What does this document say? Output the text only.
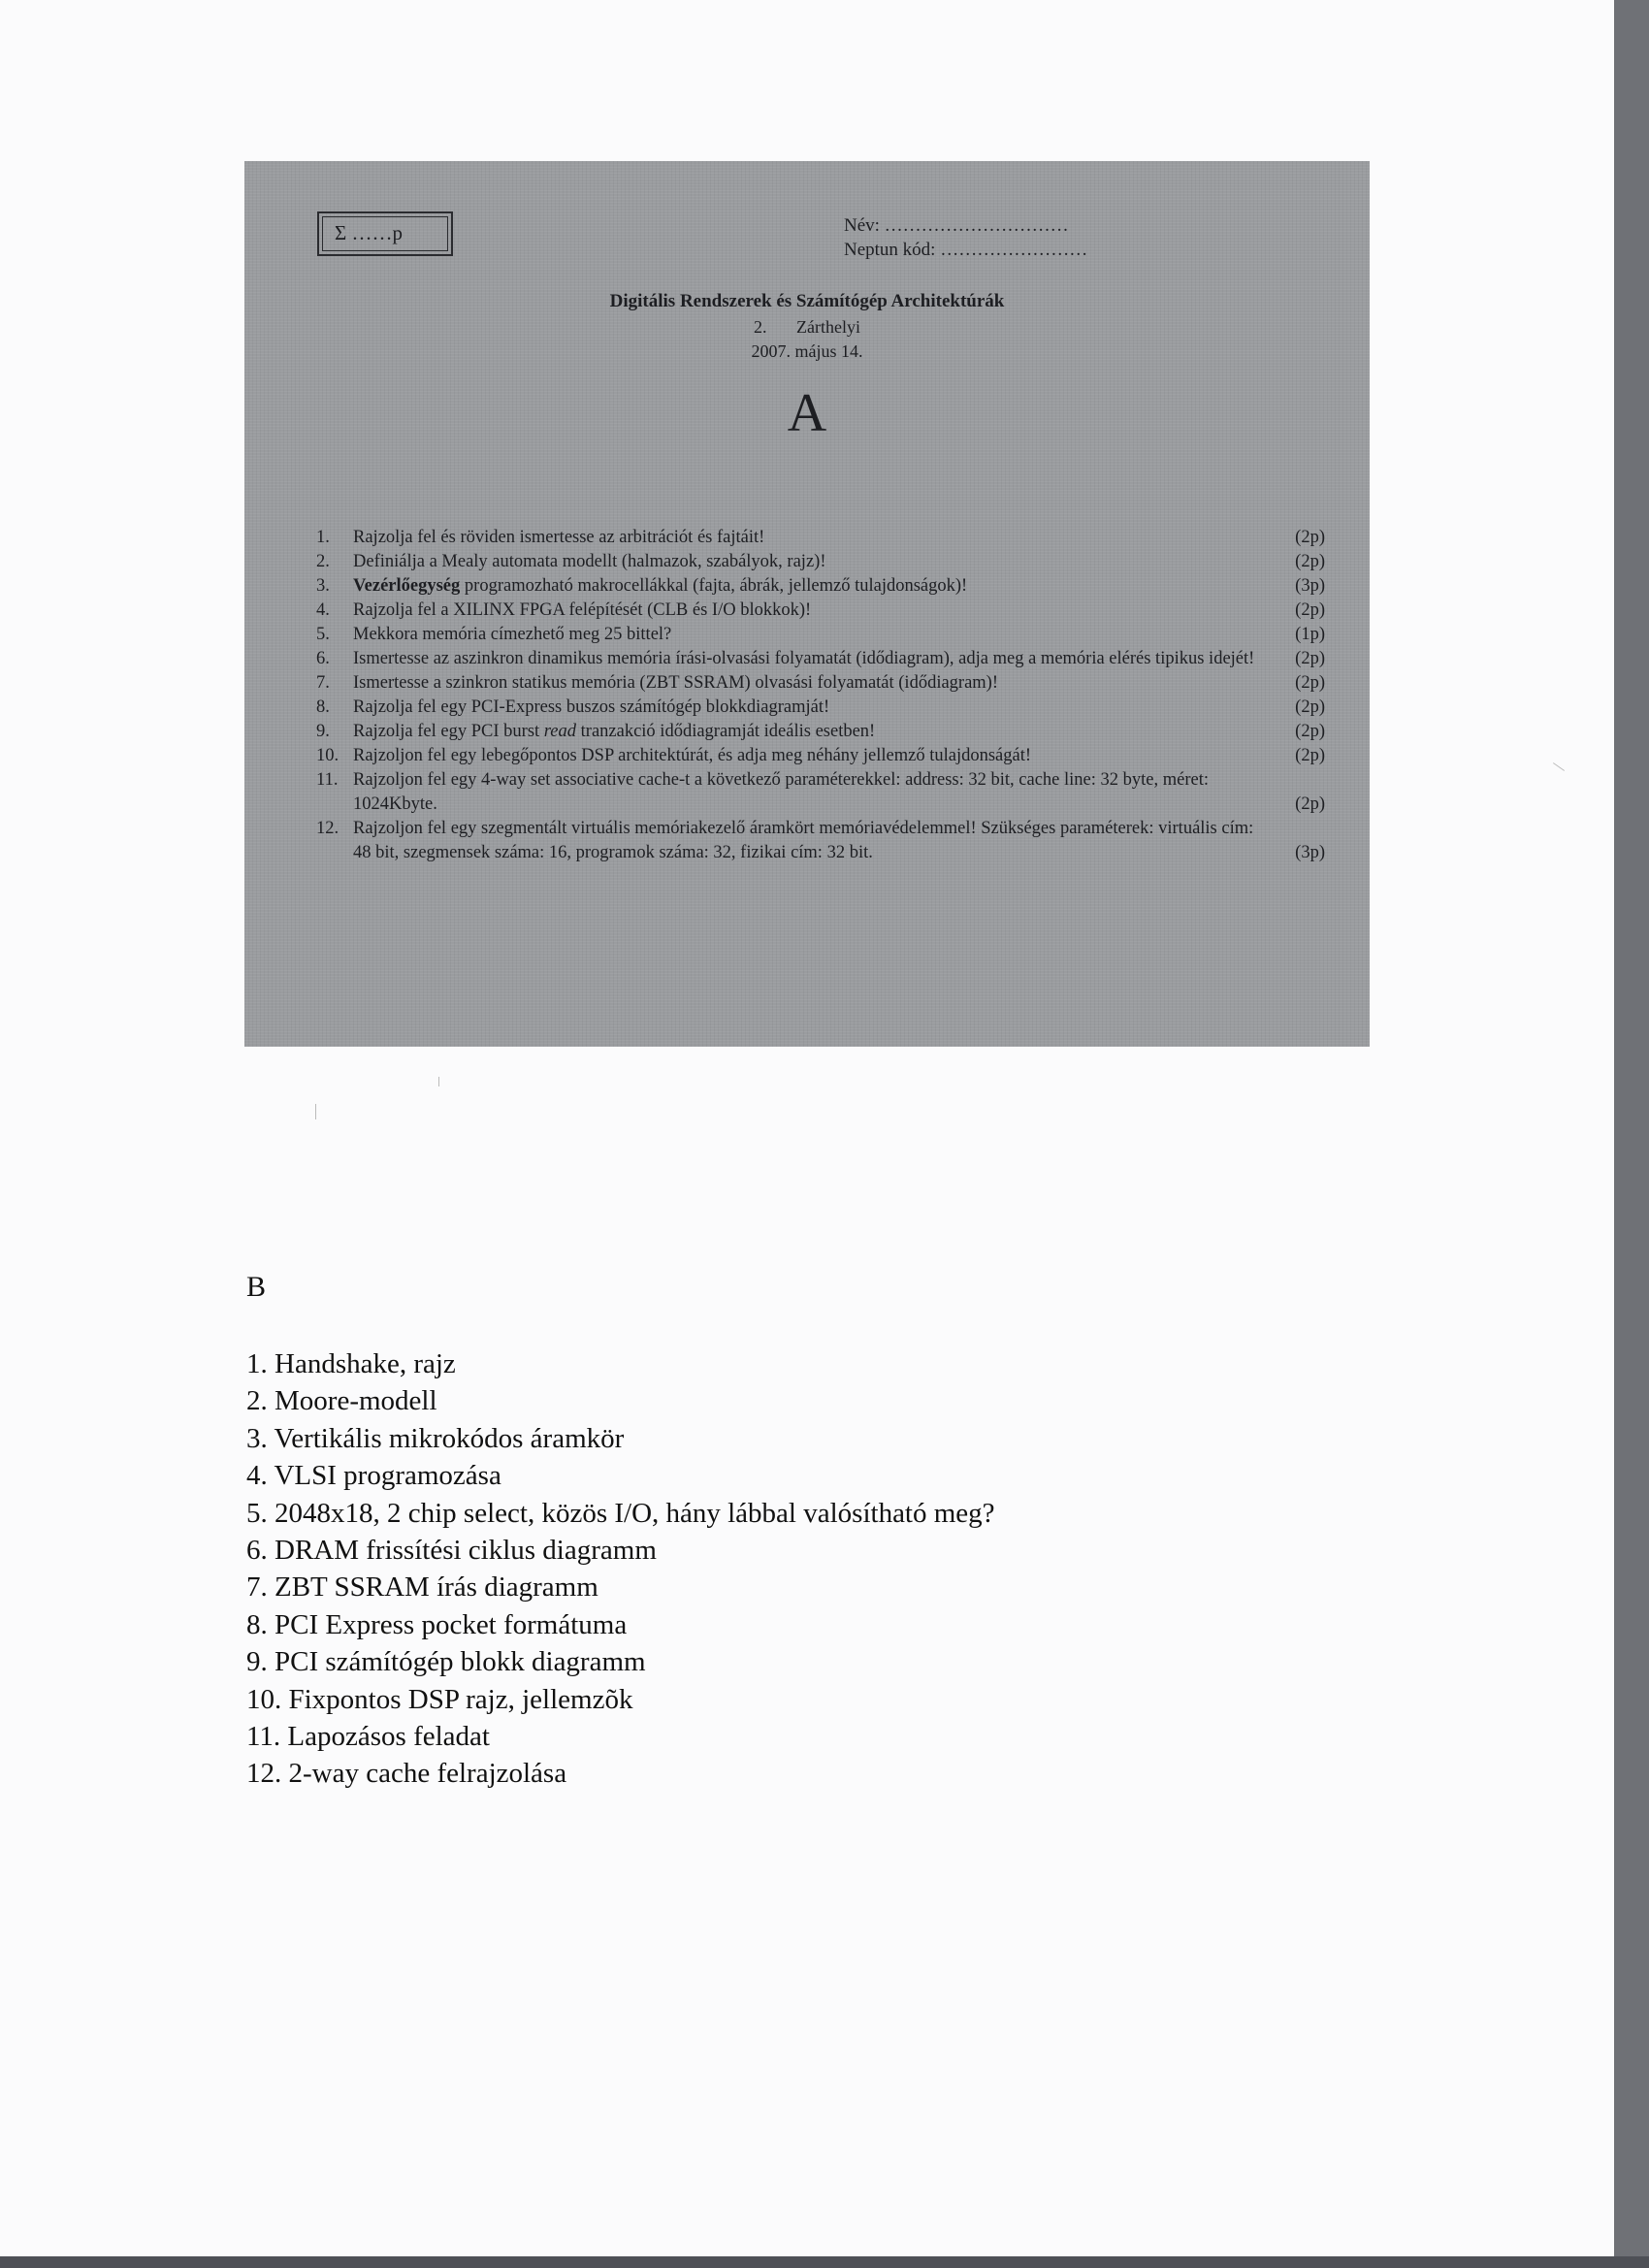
Σ ……p	Név: …………………………
Neptun kód: ……………………
Digitális Rendszerek és Számítógép Architektúrák
2. Zárthelyi
2007. május 14.
A
1.	Rajzolja fel és röviden ismertesse az arbitrációt és fajtáit!	(2p)
2.	Definiálja a Mealy automata modellt (halmazok, szabályok, rajz)!	(2p)
3.	Vezérlőegység programozható makrocellákkal (fajta, ábrák, jellemző tulajdonságok)!	(3p)
4.	Rajzolja fel a XILINX FPGA felépítését (CLB és I/O blokkok)!	(2p)
5.	Mekkora memória címezhető meg 25 bittel?	(1p)
6.	Ismertesse az aszinkron dinamikus memória írási-olvasási folyamatát (idődiagram), adja meg a memória elérés tipikus idejét!	(2p)
7.	Ismertesse a szinkron statikus memória (ZBT SSRAM) olvasási folyamatát (idődiagram)!	(2p)
8.	Rajzolja fel egy PCI-Express buszos számítógép blokkdiagramját!	(2p)
9.	Rajzolja fel egy PCI burst read tranzakció idődiagramját ideális esetben!	(2p)
10. Rajzoljon fel egy lebegőpontos DSP architektúrát, és adja meg néhány jellemző tulajdonságát!	(2p)
11. Rajzoljon fel egy 4-way set associative cache-t a következő paraméterekkel: address: 32 bit, cache line: 32 byte, méret: 1024Kbyte.	(2p)
12. Rajzoljon fel egy szegmentált virtuális memóriakezelő áramkört memóriavédelemmel! Szükséges paraméterek: virtuális cím: 48 bit, szegmensek száma: 16, programok száma: 32, fizikai cím: 32 bit.	(3p)
B
1. Handshake, rajz
2. Moore-modell
3. Vertikális mikrokódos áramkör
4. VLSI programozása
5. 2048x18, 2 chip select, közös I/O, hány lábbal valósítható meg?
6. DRAM frissítési ciklus diagramm
7. ZBT SSRAM írás diagramm
8. PCI Express pocket formátuma
9. PCI számítógép blokk diagramm
10. Fixpontos DSP rajz, jellemzõk
11. Lapozásos feladat
12. 2-way cache felrajzolása
